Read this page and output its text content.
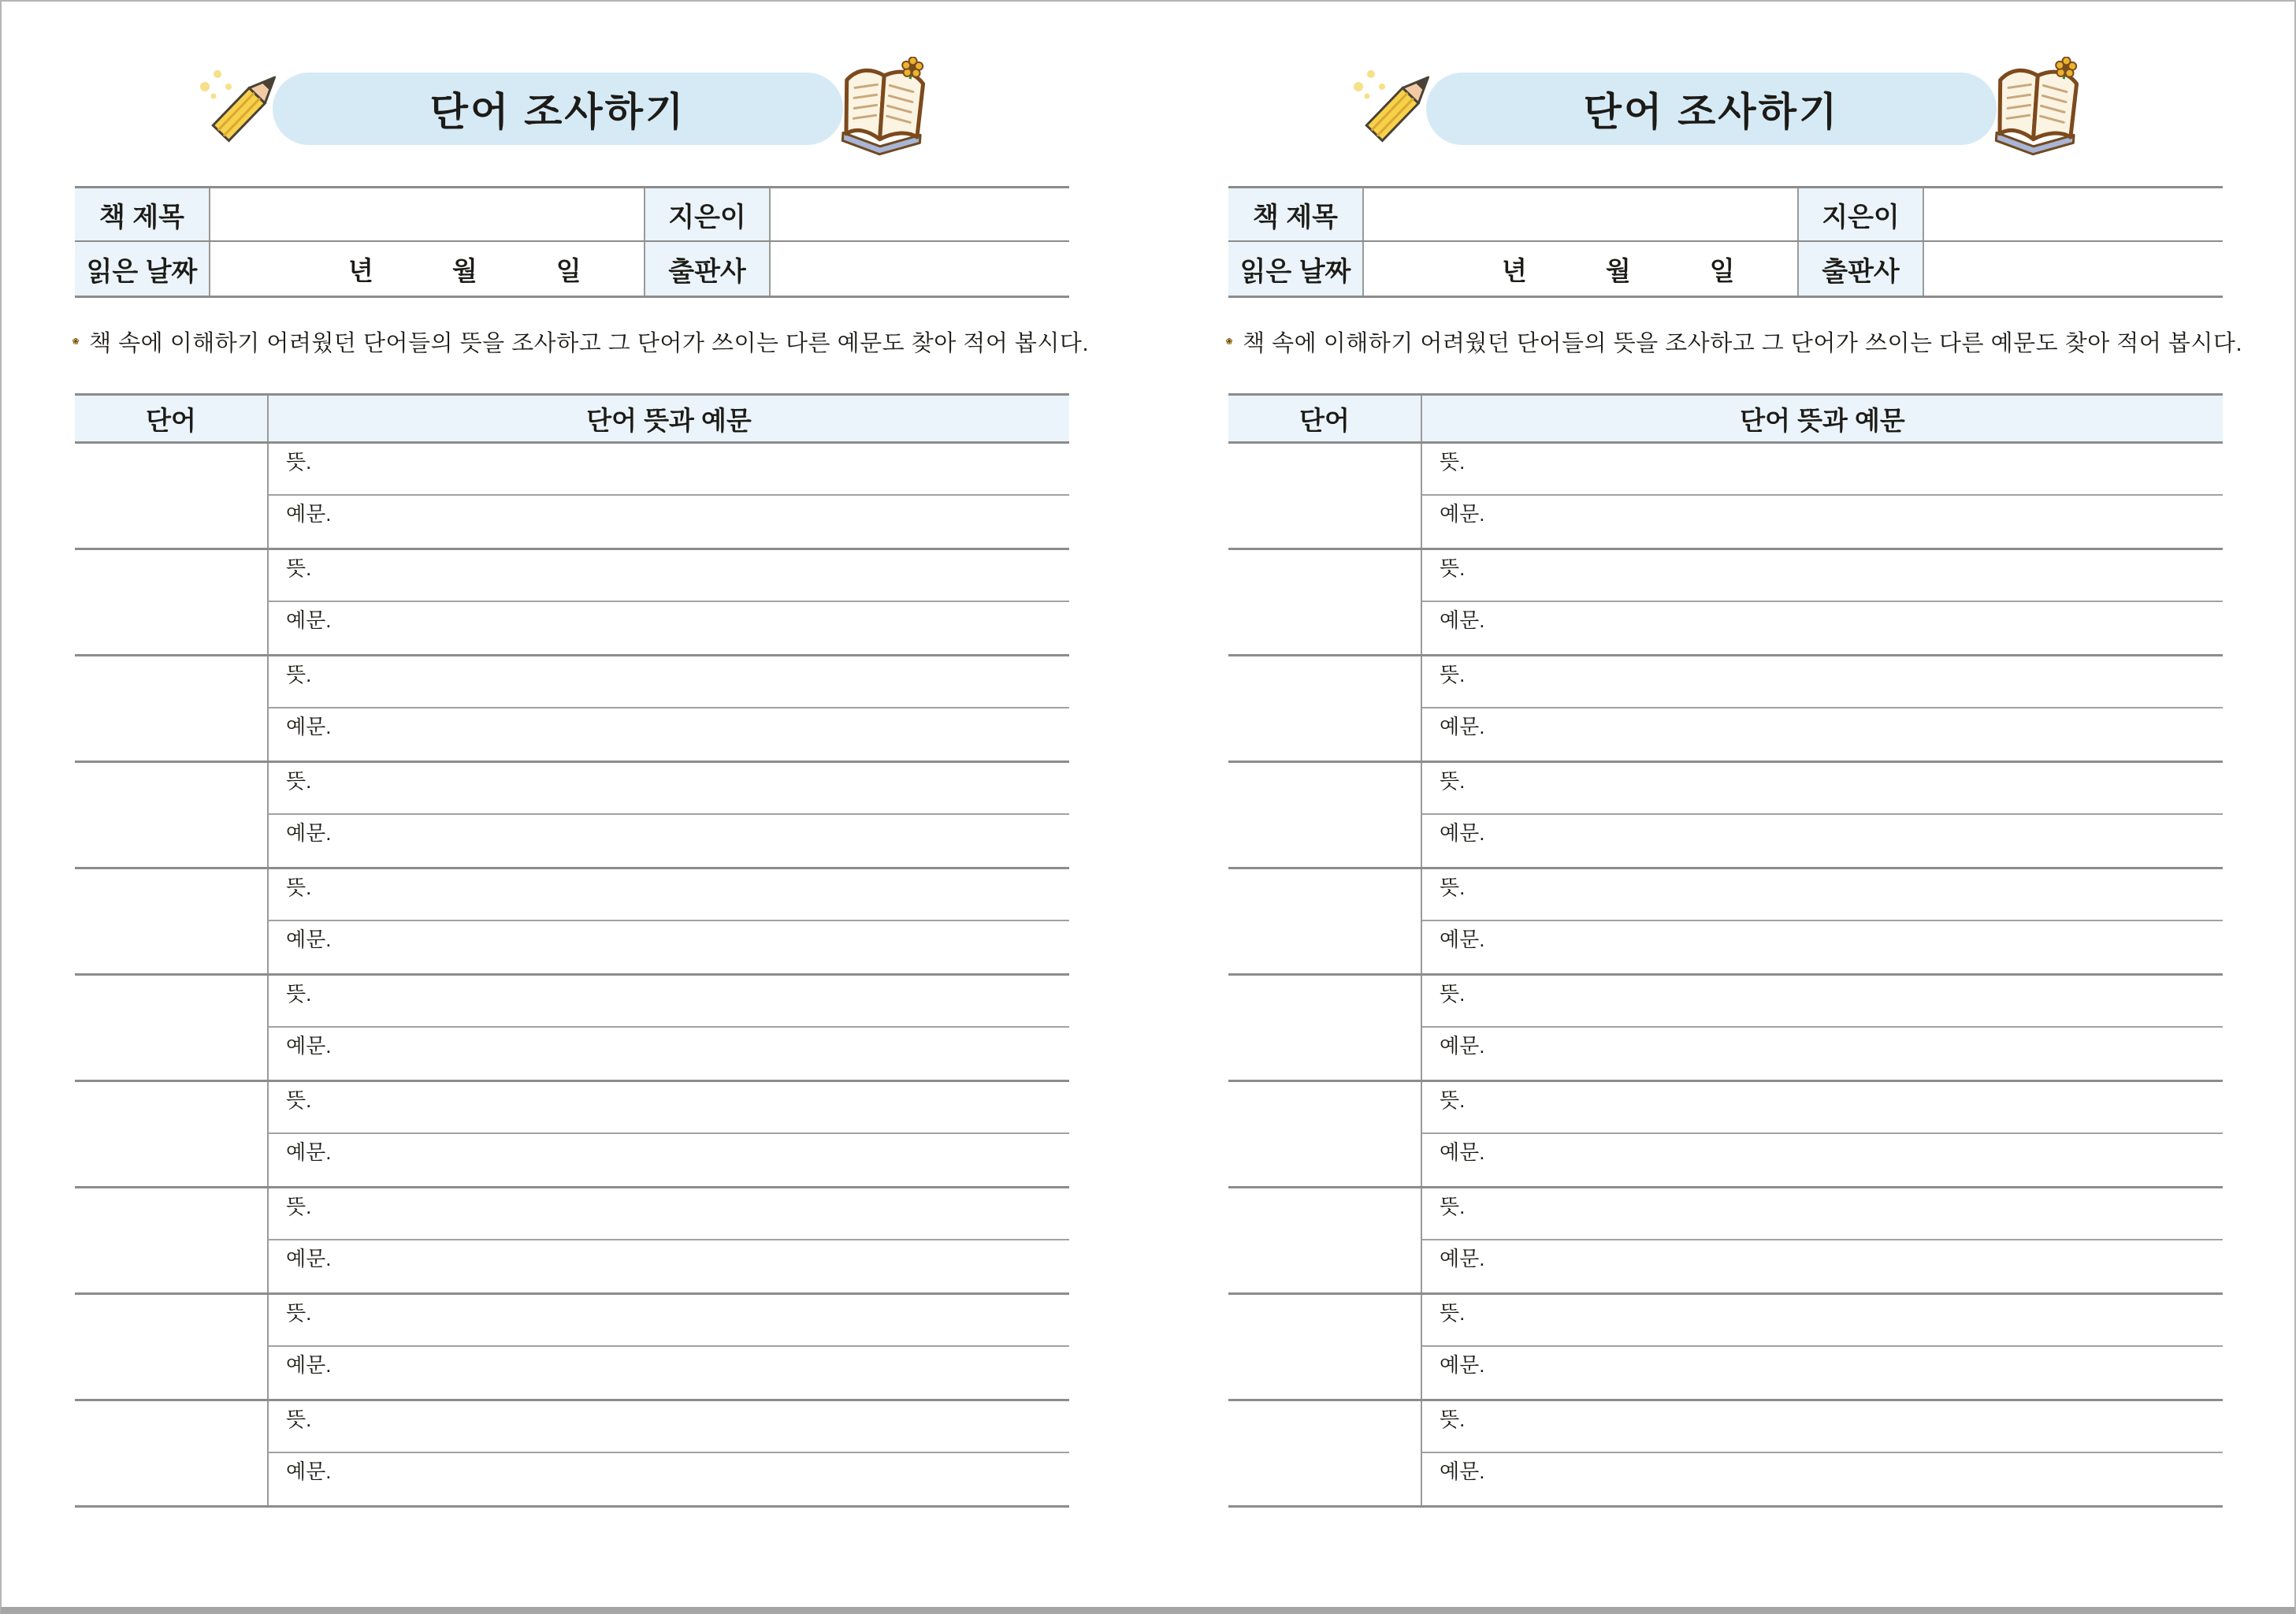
단어 조사하기
책 제목	지은이
읽은 날짜	년	월	일	출판사
책 속에 이해하기 어려웠던 단어들의 뜻을 조사하고 그 단어가 쓰이는 다른 예문도 찾아 적어 봅시다.
단어	단어 뜻과 예문
뜻.
예문.
뜻.
예문.
뜻.
예문.
뜻.
예문.
뜻.
예문.
뜻.
예문.
뜻.
예문.
뜻.
예문.
뜻.
예문.
뜻.
예문.
단어 조사하기
책 제목	지은이
읽은 날짜	년	월	일	출판사
책 속에 이해하기 어려웠던 단어들의 뜻을 조사하고 그 단어가 쓰이는 다른 예문도 찾아 적어 봅시다.
단어	단어 뜻과 예문
뜻.
예문.
뜻.
예문.
뜻.
예문.
뜻.
예문.
뜻.
예문.
뜻.
예문.
뜻.
예문.
뜻.
예문.
뜻.
예문.
뜻.
예문.
